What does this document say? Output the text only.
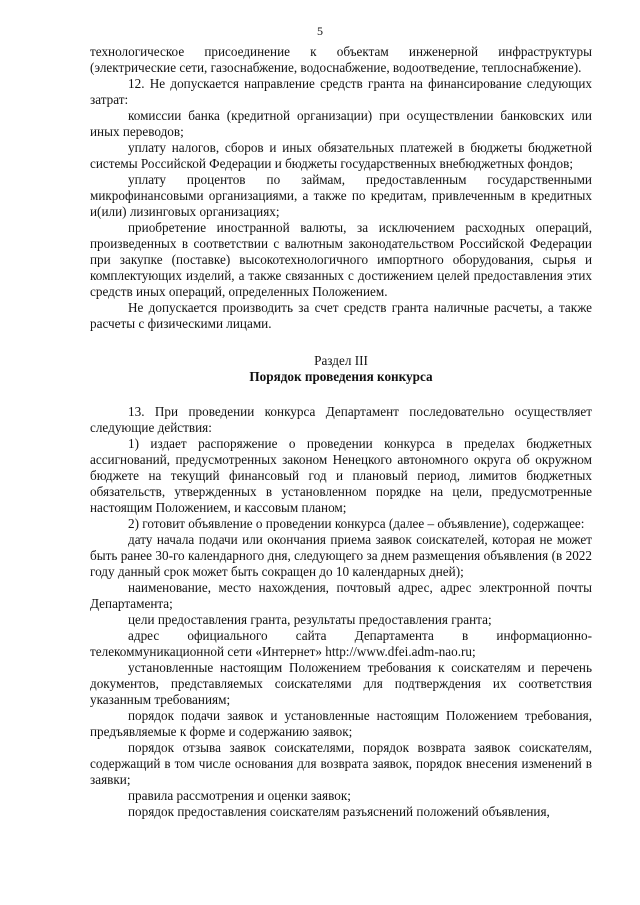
5

технологическое присоединение к объектам инженерной инфраструктуры (электрические сети, газоснабжение, водоснабжение, водоотведение, теплоснабжение).

12. Не допускается направление средств гранта на финансирование следующих затрат:

комиссии банка (кредитной организации) при осуществлении банковских или иных переводов;

уплату налогов, сборов и иных обязательных платежей в бюджеты бюджетной системы Российской Федерации и бюджеты государственных внебюджетных фондов;

уплату процентов по займам, предоставленным государственными микрофинансовыми организациями, а также по кредитам, привлеченным в кредитных и(или) лизинговых организациях;

приобретение иностранной валюты, за исключением расходных операций, произведенных в соответствии с валютным законодательством Российской Федерации при закупке (поставке) высокотехнологичного импортного оборудования, сырья и комплектующих изделий, а также связанных с достижением целей предоставления этих средств иных операций, определенных Положением.

Не допускается производить за счет средств гранта наличные расчеты, а также расчеты с физическими лицами.

Раздел III
Порядок проведения конкурса

13. При проведении конкурса Департамент последовательно осуществляет следующие действия:

1) издает распоряжение о проведении конкурса в пределах бюджетных ассигнований, предусмотренных законом Ненецкого автономного округа об окружном бюджете на текущий финансовый год и плановый период, лимитов бюджетных обязательств, утвержденных в установленном порядке на цели, предусмотренные настоящим Положением, и кассовым планом;

2) готовит объявление о проведении конкурса (далее – объявление), содержащее:

дату начала подачи или окончания приема заявок соискателей, которая не может быть ранее 30-го календарного дня, следующего за днем размещения объявления (в 2022 году данный срок может быть сокращен до 10 календарных дней);

наименование, место нахождения, почтовый адрес, адрес электронной почты Департамента;

цели предоставления гранта, результаты предоставления гранта;

адрес официального сайта Департамента в информационно-телекоммуникационной сети «Интернет» http://www.dfei.adm-nao.ru;

установленные настоящим Положением требования к соискателям и перечень документов, представляемых соискателями для подтверждения их соответствия указанным требованиям;

порядок подачи заявок и установленные настоящим Положением требования, предъявляемые к форме и содержанию заявок;

порядок отзыва заявок соискателями, порядок возврата заявок соискателям, содержащий в том числе основания для возврата заявок, порядок внесения изменений в заявки;

правила рассмотрения и оценки заявок;

порядок предоставления соискателям разъяснений положений объявления,
